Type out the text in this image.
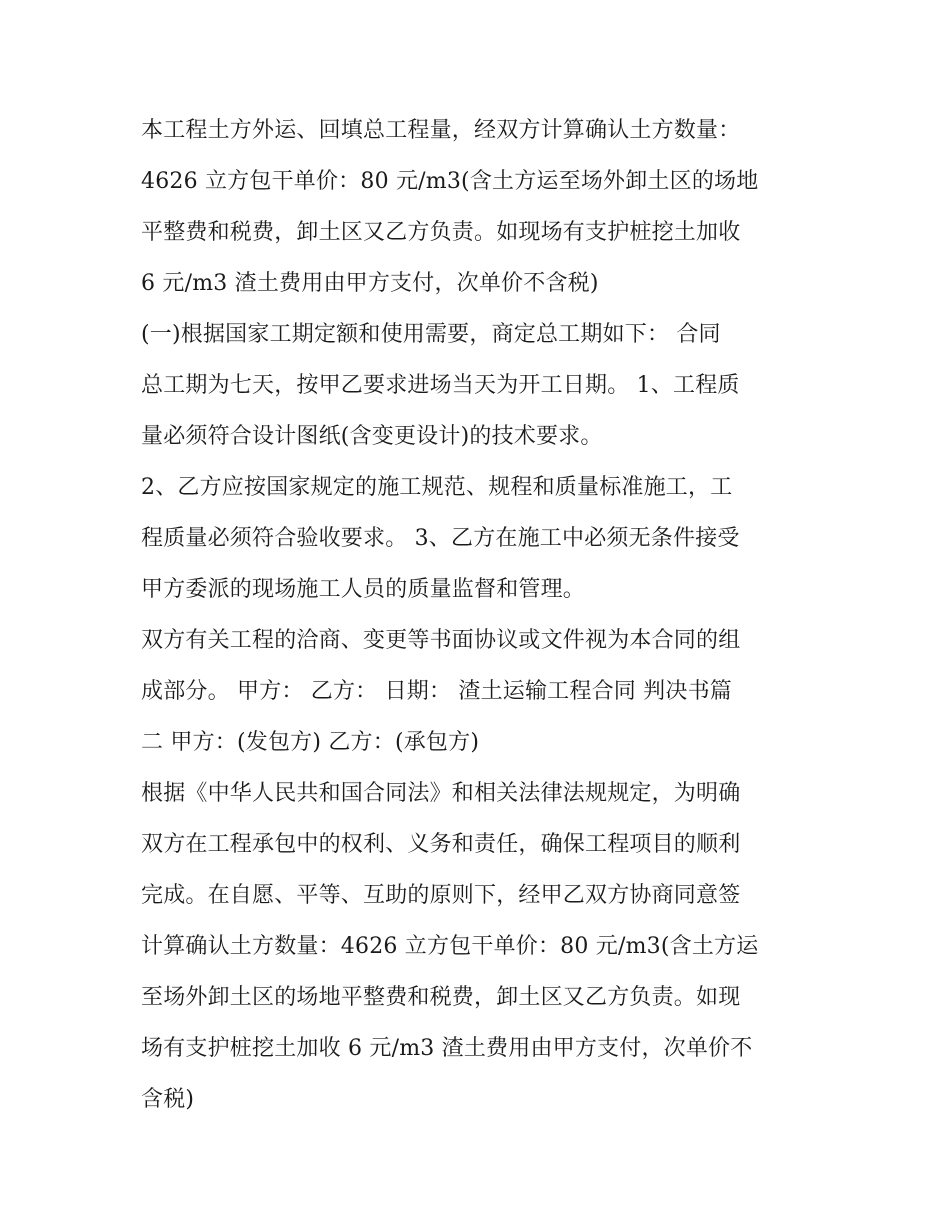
本工程土方外运、回填总工程量，经双方计算确认土方数量：
4626 立方包干单价：80 元/m3(含土方运至场外卸土区的场地
平整费和税费，卸土区又乙方负责。如现场有支护桩挖土加收
6 元/m3 渣土费用由甲方支付，次单价不含税)
(一)根据国家工期定额和使用需要，商定总工期如下： 合同
总工期为七天，按甲乙要求进场当天为开工日期。 1、工程质
量必须符合设计图纸(含变更设计)的技术要求。
2、乙方应按国家规定的施工规范、规程和质量标准施工，工
程质量必须符合验收要求。 3、乙方在施工中必须无条件接受
甲方委派的现场施工人员的质量监督和管理。
双方有关工程的洽商、变更等书面协议或文件视为本合同的组
成部分。 甲方： 乙方： 日期： 渣土运输工程合同 判决书篇
二 甲方：(发包方) 乙方：(承包方)
根据《中华人民共和国合同法》和相关法律法规规定，为明确
双方在工程承包中的权利、义务和责任，确保工程项目的顺利
完成。在自愿、平等、互助的原则下，经甲乙双方协商同意签
计算确认土方数量：4626 立方包干单价：80 元/m3(含土方运
至场外卸土区的场地平整费和税费，卸土区又乙方负责。如现
场有支护桩挖土加收 6 元/m3 渣土费用由甲方支付，次单价不
含税)
